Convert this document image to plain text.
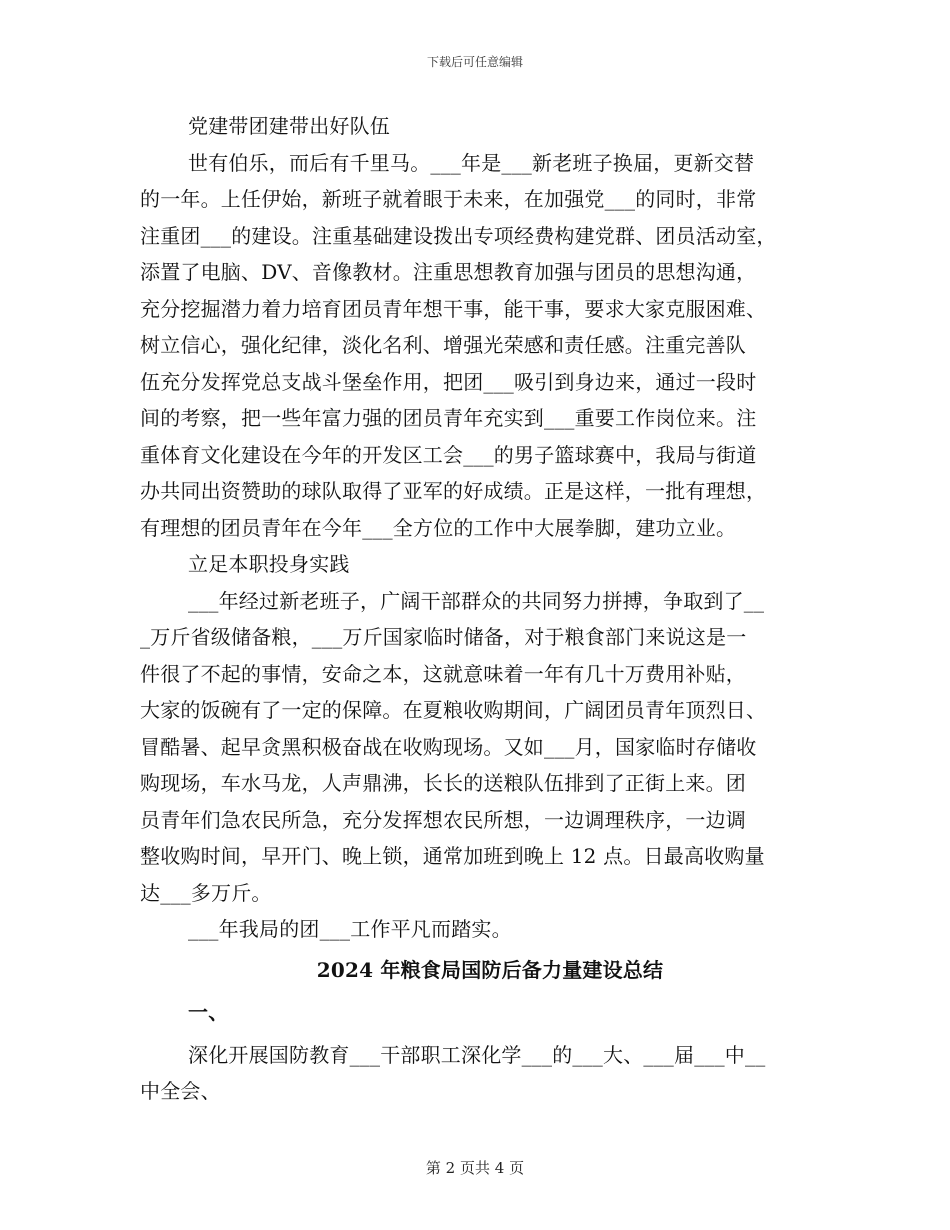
下载后可任意编辑
党建带团建带出好队伍
世有伯乐，而后有千里马。___年是___新老班子换届，更新交替
的一年。上任伊始，新班子就着眼于未来，在加强党___的同时，非常
注重团___的建设。注重基础建设拨出专项经费构建党群、团员活动室，
添置了电脑、DV、音像教材。注重思想教育加强与团员的思想沟通，
充分挖掘潜力着力培育团员青年想干事，能干事，要求大家克服困难、
树立信心，强化纪律，淡化名利、增强光荣感和责任感。注重完善队
伍充分发挥党总支战斗堡垒作用，把团___吸引到身边来，通过一段时
间的考察，把一些年富力强的团员青年充实到___重要工作岗位来。注
重体育文化建设在今年的开发区工会___的男子篮球赛中，我局与街道
办共同出资赞助的球队取得了亚军的好成绩。正是这样，一批有理想，
有理想的团员青年在今年___全方位的工作中大展拳脚，建功立业。
立足本职投身实践
___年经过新老班子，广阔干部群众的共同努力拼搏，争取到了__
_万斤省级储备粮，___万斤国家临时储备，对于粮食部门来说这是一
件很了不起的事情，安命之本，这就意味着一年有几十万费用补贴，
大家的饭碗有了一定的保障。在夏粮收购期间，广阔团员青年顶烈日、
冒酷暑、起早贪黑积极奋战在收购现场。又如___月，国家临时存储收
购现场，车水马龙，人声鼎沸，长长的送粮队伍排到了正街上来。团
员青年们急农民所急，充分发挥想农民所想，一边调理秩序，一边调
整收购时间，早开门、晚上锁，通常加班到晚上 12 点。日最高收购量
达___多万斤。
___年我局的团___工作平凡而踏实。
2024 年粮食局国防后备力量建设总结
一、
深化开展国防教育___干部职工深化学___的___大、___届___中__
中全会、
第 2 页共 4 页
